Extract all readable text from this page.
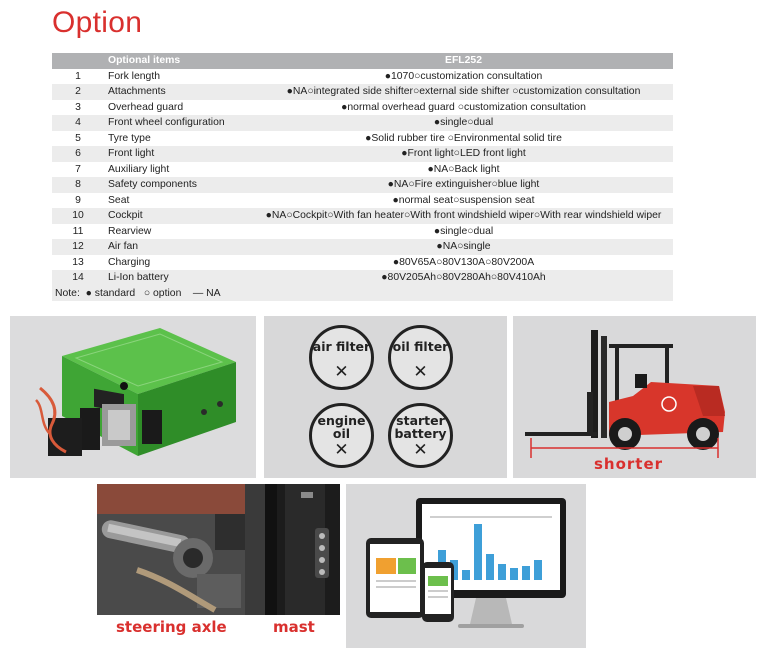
Option
	Optional items	EFL252
1	Fork length	●1070○customization consultation
2	Attachments	●NA○integrated side shifter○external side shifter ○customization consultation
3	Overhead guard	●normal overhead guard ○customization consultation
4	Front wheel configuration	●single○dual
5	Tyre type	●Solid rubber tire ○Environmental solid tire
6	Front light	●Front light○LED front light
7	Auxiliary light	●NA○Back light
8	Safety components	●NA○Fire extinguisher○blue light
9	Seat	●normal seat○suspension seat
10	Cockpit	●NA○Cockpit○With fan heater○With front windshield wiper○With rear windshield wiper
11	Rearview	●single○dual
12	Air fan	●NA○single
13	Charging	●80V65A○80V130A○80V200A
14	Li-Ion battery	●80V205Ah○80V280Ah○80V410Ah
Note:  ● standard   ○ option    — NA		
air filter
✕
oil filter
✕
engine
oil
✕
starter
battery
✕
shorter
steering axle	mast
